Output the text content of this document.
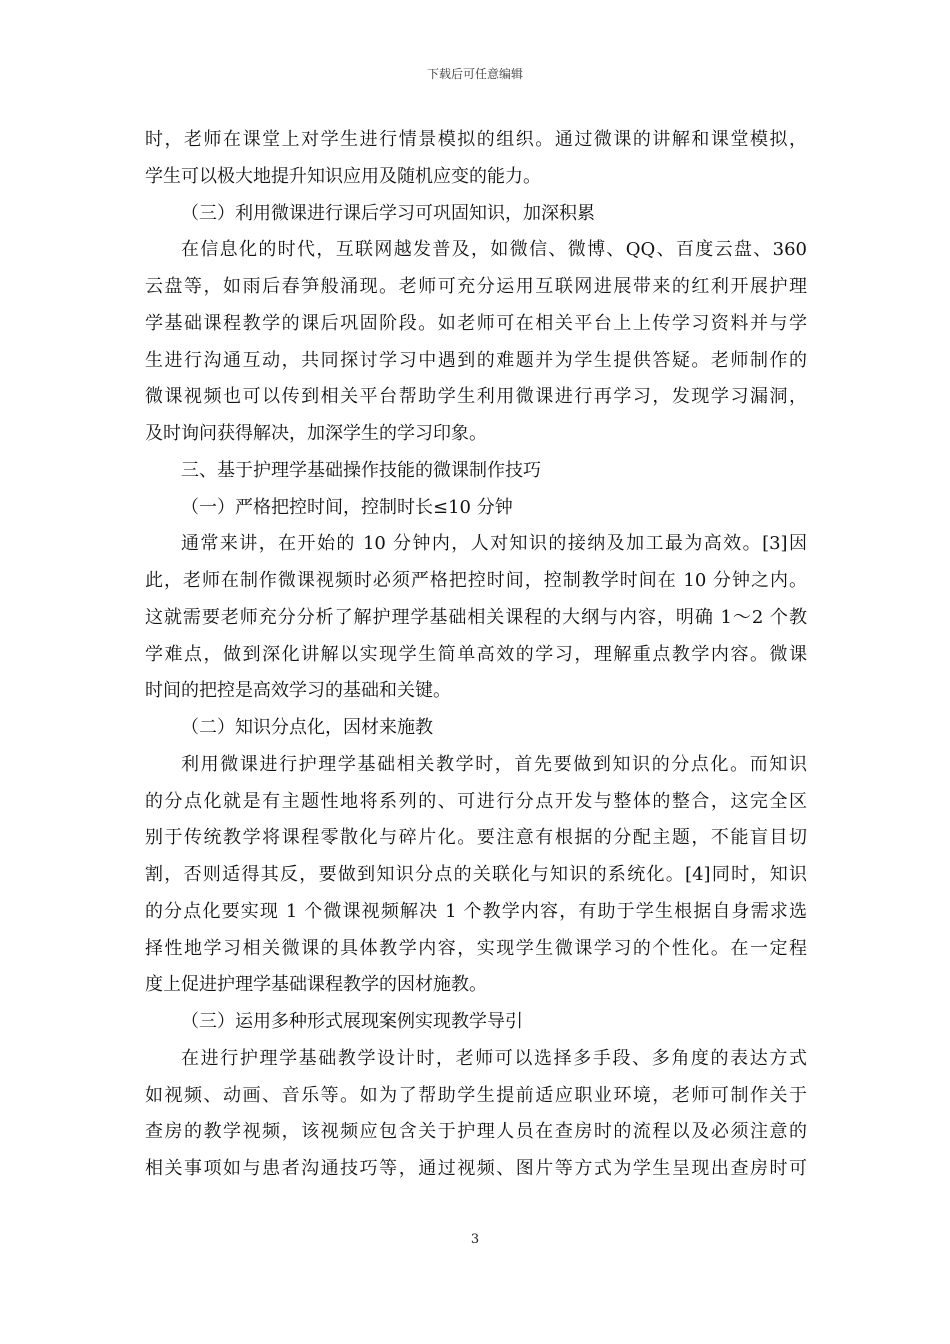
下载后可任意编辑
时，老师在课堂上对学生进行情景模拟的组织。通过微课的讲解和课堂模拟，
学生可以极大地提升知识应用及随机应变的能力。
（三）利用微课进行课后学习可巩固知识，加深积累
在信息化的时代，互联网越发普及，如微信、微博、QQ、百度云盘、360
云盘等，如雨后春笋般涌现。老师可充分运用互联网进展带来的红利开展护理
学基础课程教学的课后巩固阶段。如老师可在相关平台上上传学习资料并与学
生进行沟通互动，共同探讨学习中遇到的难题并为学生提供答疑。老师制作的
微课视频也可以传到相关平台帮助学生利用微课进行再学习，发现学习漏洞，
及时询问获得解决，加深学生的学习印象。
三、基于护理学基础操作技能的微课制作技巧
（一）严格把控时间，控制时长≤10 分钟
通常来讲，在开始的 10 分钟内，人对知识的接纳及加工最为高效。[3]因
此，老师在制作微课视频时必须严格把控时间，控制教学时间在 10 分钟之内。
这就需要老师充分分析了解护理学基础相关课程的大纲与内容，明确 1～2 个教
学难点，做到深化讲解以实现学生简单高效的学习，理解重点教学内容。微课
时间的把控是高效学习的基础和关键。
（二）知识分点化，因材来施教
利用微课进行护理学基础相关教学时，首先要做到知识的分点化。而知识
的分点化就是有主题性地将系列的、可进行分点开发与整体的整合，这完全区
别于传统教学将课程零散化与碎片化。要注意有根据的分配主题，不能盲目切
割，否则适得其反，要做到知识分点的关联化与知识的系统化。[4]同时，知识
的分点化要实现 1 个微课视频解决 1 个教学内容，有助于学生根据自身需求选
择性地学习相关微课的具体教学内容，实现学生微课学习的个性化。在一定程
度上促进护理学基础课程教学的因材施教。
（三）运用多种形式展现案例实现教学导引
在进行护理学基础教学设计时，老师可以选择多手段、多角度的表达方式
如视频、动画、音乐等。如为了帮助学生提前适应职业环境，老师可制作关于
查房的教学视频，该视频应包含关于护理人员在查房时的流程以及必须注意的
相关事项如与患者沟通技巧等，通过视频、图片等方式为学生呈现出查房时可
3
